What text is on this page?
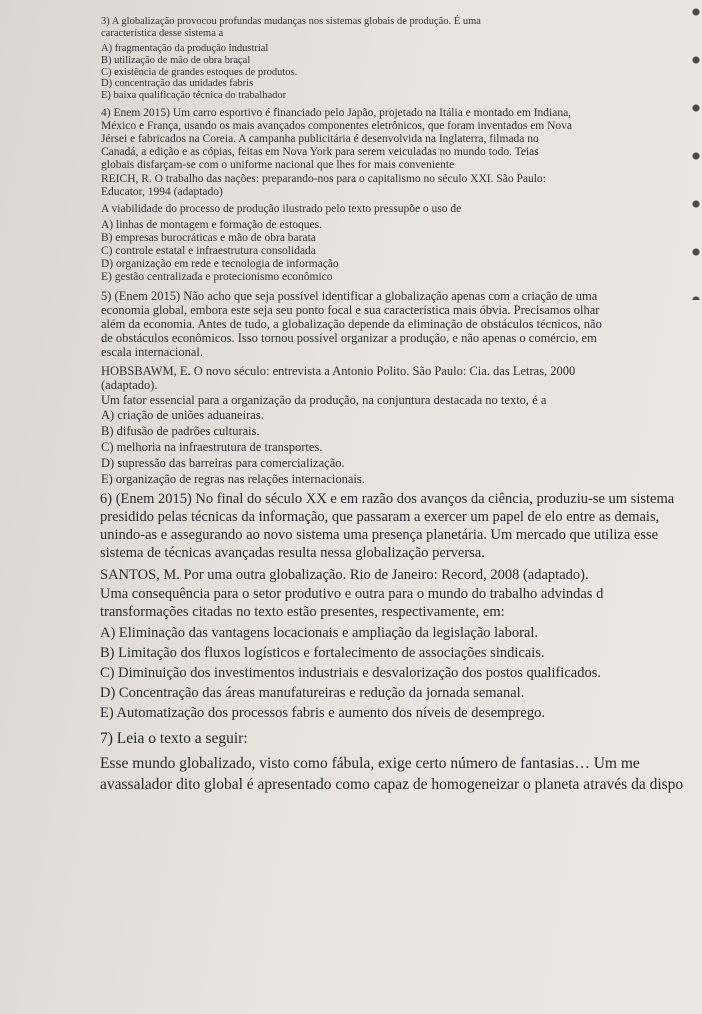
3) A globalização provocou profundas mudanças nos sistemas globais de produção. É uma
característica desse sistema a
A) fragmentação da produção industrial
B) utilização de mão de obra braçal
C) existência de grandes estoques de produtos.
D) concentração das unidades fabris
E) baixa qualificação técnica do trabalhador
4) Enem 2015) Um carro esportivo é financiado pelo Japão, projetado na Itália e montado em Indiana,
México e França, usando os mais avançados componentes eletrônicos, que foram inventados em Nova
Jérsei e fabricados na Coreia. A campanha publicitária é desenvolvida na Inglaterra, filmada no
Canadá, a edição e as cópias, feitas em Nova York para serem veiculadas no mundo todo. Teias
globais disfarçam-se com o uniforme nacional que lhes for mais conveniente
REICH, R. O trabalho das nações: preparando-nos para o capitalismo no século XXI. São Paulo:
Educator, 1994 (adaptado)
A viabilidade do processo de produção ilustrado pelo texto pressupõe o uso de
A) linhas de montagem e formação de estoques.
B) empresas burocráticas e mão de obra barata
C) controle estatal e infraestrutura consolidada
D) organização em rede e tecnologia de informação
E) gestão centralizada e protecionismo econômico
5) (Enem 2015) Não acho que seja possível identificar a globalização apenas com a criação de uma
economia global, embora este seja seu ponto focal e sua característica mais óbvia. Precisamos olhar
além da economia. Antes de tudo, a globalização depende da eliminação de obstáculos técnicos, não
de obstáculos econômicos. Isso tornou possível organizar a produção, e não apenas o comércio, em
escala internacional.
HOBSBAWM, E. O novo século: entrevista a Antonio Polito. São Paulo: Cia. das Letras, 2000
(adaptado).
Um fator essencial para a organização da produção, na conjuntura destacada no texto, é a
A) criação de uniões aduaneiras.
B) difusão de padrões culturais.
C) melhoria na infraestrutura de transportes.
D) supressão das barreiras para comercialização.
E) organização de regras nas relações internacionais.
6) (Enem 2015) No final do século XX e em razão dos avanços da ciência, produziu-se um sistema
presidido pelas técnicas da informação, que passaram a exercer um papel de elo entre as demais,
unindo-as e assegurando ao novo sistema uma presença planetária. Um mercado que utiliza esse
sistema de técnicas avançadas resulta nessa globalização perversa.
SANTOS, M. Por uma outra globalização. Rio de Janeiro: Record, 2008 (adaptado).
Uma consequência para o setor produtivo e outra para o mundo do trabalho advindas d
transformações citadas no texto estão presentes, respectivamente, em:
A) Eliminação das vantagens locacionais e ampliação da legislação laboral.
B) Limitação dos fluxos logísticos e fortalecimento de associações sindicais.
C) Diminuição dos investimentos industriais e desvalorização dos postos qualificados.
D) Concentração das áreas manufatureiras e redução da jornada semanal.
E) Automatização dos processos fabris e aumento dos níveis de desemprego.
7) Leia o texto a seguir:
Esse mundo globalizado, visto como fábula, exige certo número de fantasias… Um me
avassalador dito global é apresentado como capaz de homogeneizar o planeta através da dispo
